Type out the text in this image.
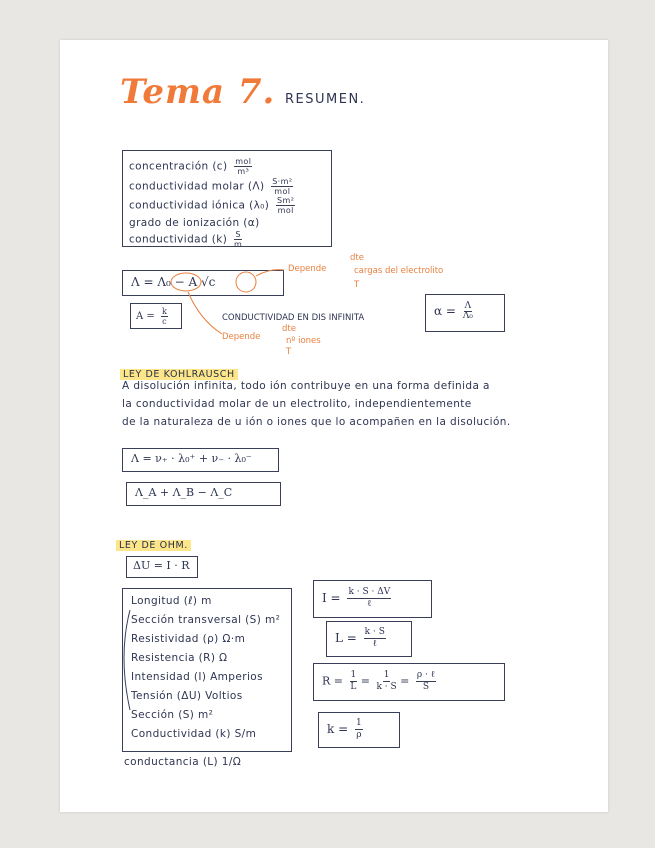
Tema 7. RESUMEN.
concentración $(c) \frac{\text{mol}}{\text{m³}}$
conductividad molar $(\Lambda) \frac{\text{S·m²}}{\text{mol}}$
conductividad iónica $(\lambda_0) \frac{\text{Sm²}}{\text{mol}}$
grado de ionización (α)
conductividad $(k) \frac{S}{m}$
Λ = Λ₀ − A √c
Depende
dte
cargas del electrolito
T
$A = \frac{k}{c}$	CONDUCTIVIDAD EN DIS INFINITA
Depende
dte
nº iones
T
$\alpha = \frac{\Lambda}{\text{Λ₀}}$
LEY DE KOHLRAUSCH
A disolución infinita, todo ión contribuye en una forma definida a
la conductividad molar de un electrolito, independientemente
de la naturaleza de u ión o iones que lo acompañen en la disolución.
Λ = ν₊ · λ₀⁺ + ν₋ · λ₀⁻
Λ_A + Λ_B − Λ_C
LEY DE OHM.
ΔU = I · R
Longitud (ℓ) m
Sección transversal (S) m²
Resistividad (ρ) Ω·m
Resistencia (R) Ω
Intensidad (I) Amperios
Tensión (ΔU) Voltios
Sección (S) m²
Conductividad (k) S/m
conductancia (L) 1/Ω
$I = \frac{k \cdot S \cdot \Delta V}{\text{ℓ}}$
$L = \frac{k \cdot S}{\text{ℓ}}$
$R = \frac{1}{L} = \frac{1}{k \cdot S} = \frac{\text{ρ · ℓ}}{S}$
$k = \frac{1}{\rho}$
